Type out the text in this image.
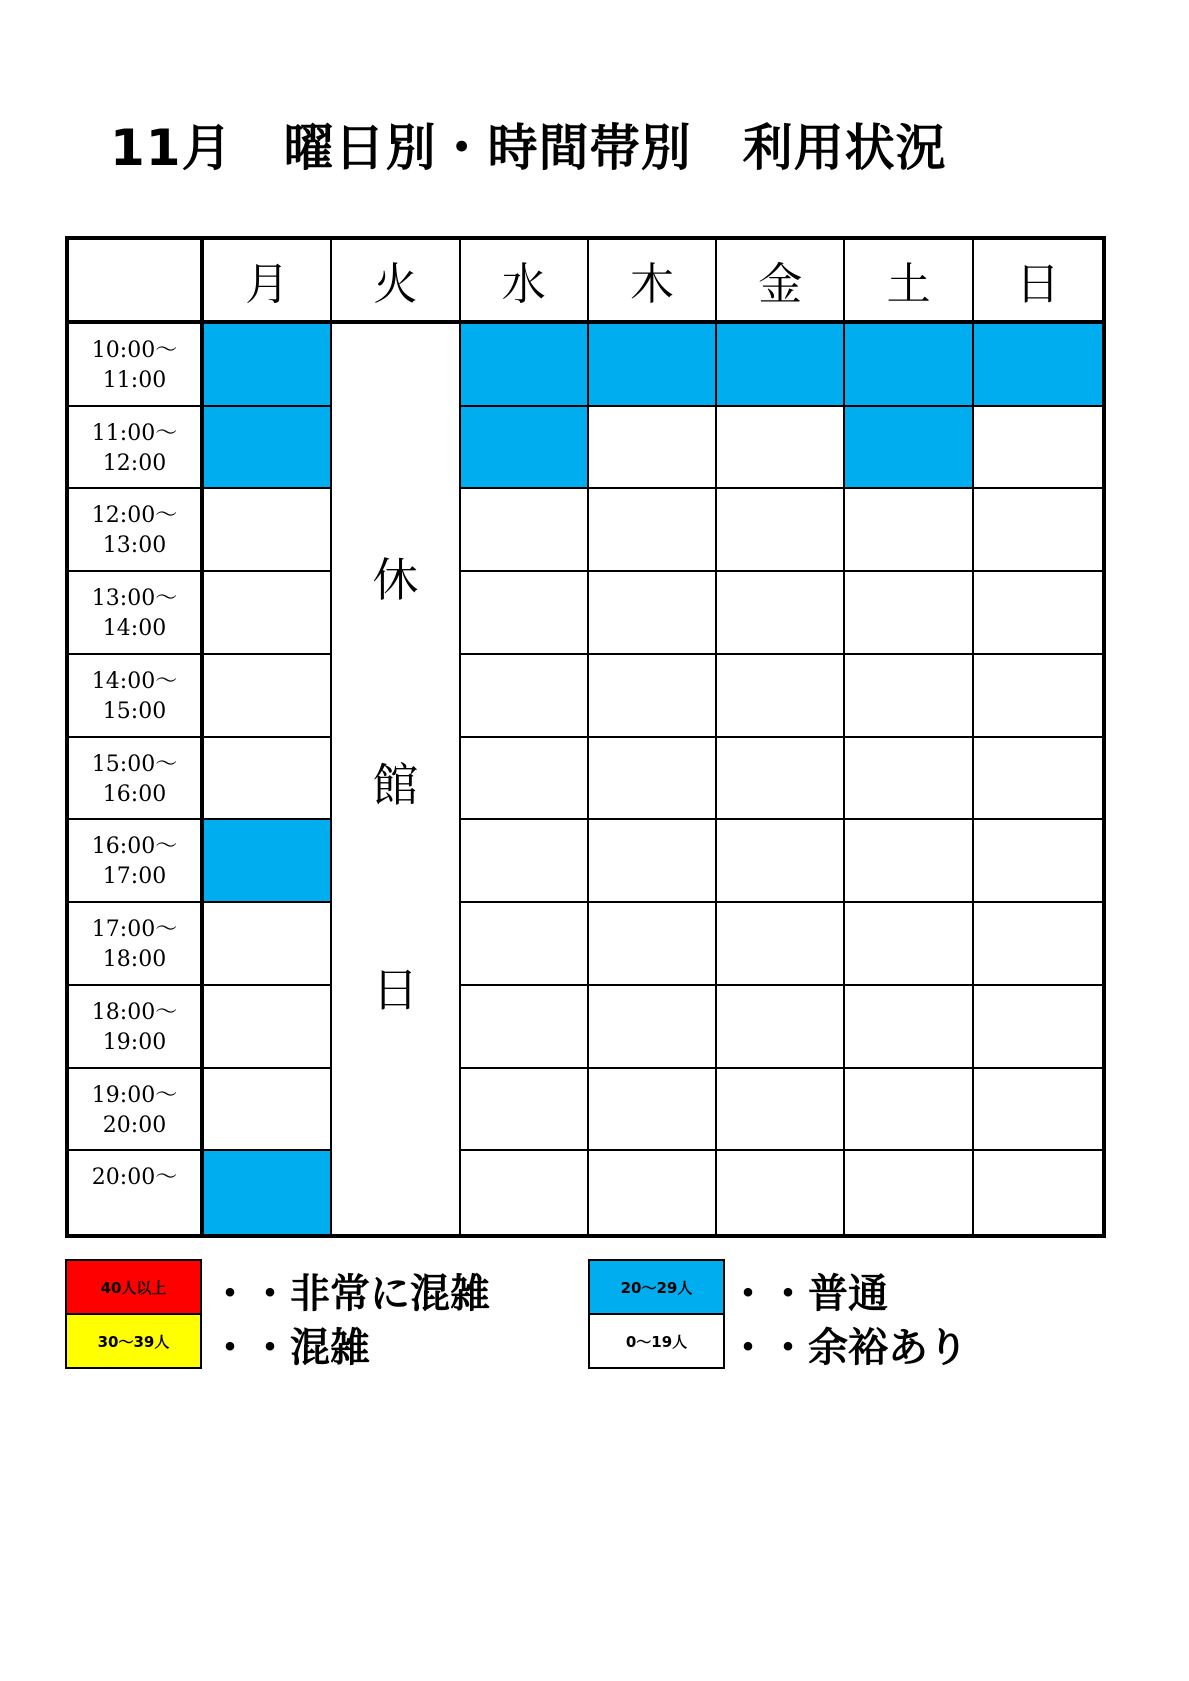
11月　曜日別・時間帯別　利用状況
月	火	水	木	金	土	日
10:00～
11:00
11:00～
12:00
12:00～
13:00
13:00～
14:00
14:00～
15:00
15:00～
16:00
16:00～
17:00
17:00～
18:00
18:00～
19:00
19:00～
20:00
20:00～
休
館
日
40人以上	・・非常に混雑
30～39人	・・混雑
20～29人 ・・普通
0～19人	・・余裕あり
